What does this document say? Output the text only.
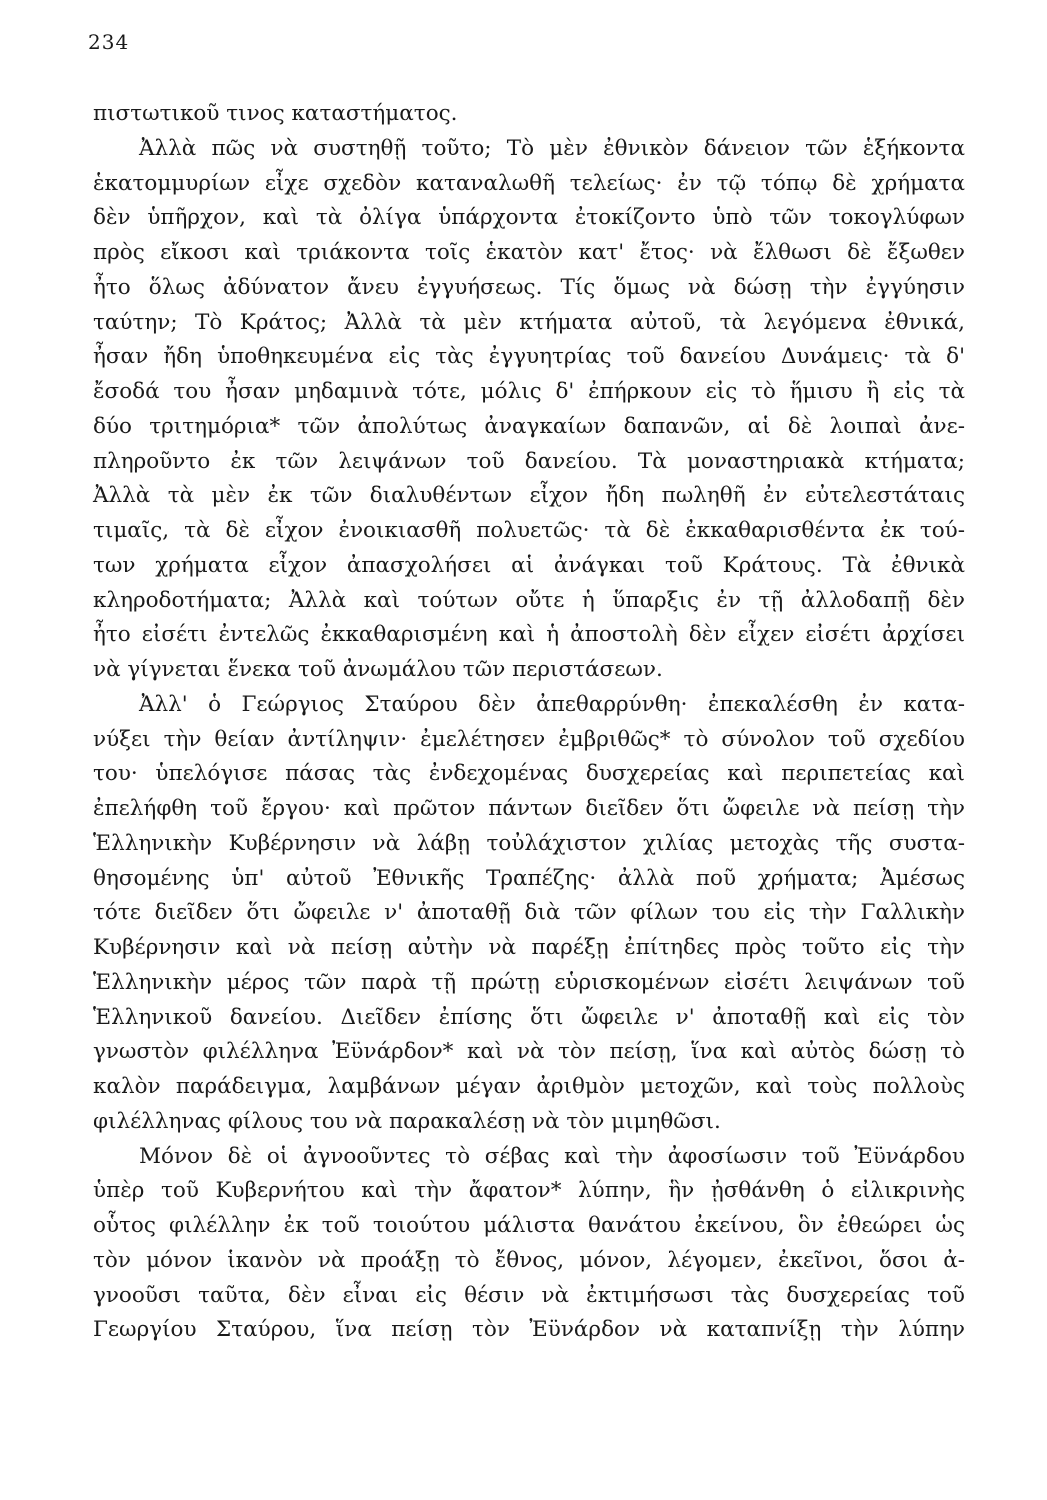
234
πιστωτικοῦ τινος καταστήματος.
Ἀλλὰ πῶς νὰ συστηθῇ τοῦτο; Τὸ μὲν ἐθνικὸν δάνειον τῶν ἑξήκοντα
ἑκατομμυρίων εἶχε σχεδὸν καταναλωθῆ τελείως· ἐν τῷ τόπῳ δὲ χρήματα
δὲν ὑπῆρχον, καὶ τὰ ὀλίγα ὑπάρχοντα ἐτοκίζοντο ὑπὸ τῶν τοκογλύφων
πρὸς εἴκοσι καὶ τριάκοντα τοῖς ἑκατὸν κατ' ἔτος· νὰ ἔλθωσι δὲ ἔξωθεν
ἦτο ὅλως ἀδύνατον ἄνευ ἐγγυήσεως. Τίς ὅμως νὰ δώσῃ τὴν ἐγγύησιν
ταύτην; Τὸ Κράτος; Ἀλλὰ τὰ μὲν κτήματα αὐτοῦ, τὰ λεγόμενα ἐθνικά,
ἦσαν ἤδη ὑποθηκευμένα εἰς τὰς ἐγγυητρίας τοῦ δανείου Δυνάμεις· τὰ δ'
ἔσοδά του ἦσαν μηδαμινὰ τότε, μόλις δ' ἐπήρκουν εἰς τὸ ἥμισυ ἢ εἰς τὰ
δύο τριτημόρια* τῶν ἀπολύτως ἀναγκαίων δαπανῶν, αἱ δὲ λοιπαὶ ἀνε-
πληροῦντο ἐκ τῶν λειψάνων τοῦ δανείου. Τὰ μοναστηριακὰ κτήματα;
Ἀλλὰ τὰ μὲν ἐκ τῶν διαλυθέντων εἶχον ἤδη πωληθῆ ἐν εὐτελεστάταις
τιμαῖς, τὰ δὲ εἶχον ἐνοικιασθῆ πολυετῶς· τὰ δὲ ἐκκαθαρισθέντα ἐκ τού-
των χρήματα εἶχον ἀπασχολήσει αἱ ἀνάγκαι τοῦ Κράτους. Τὰ ἐθνικὰ
κληροδοτήματα; Ἀλλὰ καὶ τούτων οὔτε ἡ ὕπαρξις ἐν τῇ ἀλλοδαπῇ δὲν
ἦτο εἰσέτι ἐντελῶς ἐκκαθαρισμένη καὶ ἡ ἀποστολὴ δὲν εἶχεν εἰσέτι ἀρχίσει
νὰ γίγνεται ἕνεκα τοῦ ἀνωμάλου τῶν περιστάσεων.
Ἀλλ' ὁ Γεώργιος Σταύρου δὲν ἀπεθαρρύνθη· ἐπεκαλέσθη ἐν κατα-
νύξει τὴν θείαν ἀντίληψιν· ἐμελέτησεν ἐμβριθῶς* τὸ σύνολον τοῦ σχεδίου
του· ὑπελόγισε πάσας τὰς ἐνδεχομένας δυσχερείας καὶ περιπετείας καὶ
ἐπελήφθη τοῦ ἔργου· καὶ πρῶτον πάντων διεῖδεν ὅτι ὤφειλε νὰ πείσῃ τὴν
Ἑλληνικὴν Κυβέρνησιν νὰ λάβῃ τοὐλάχιστον χιλίας μετοχὰς τῆς συστα-
θησομένης ὑπ' αὐτοῦ Ἐθνικῆς Τραπέζης· ἀλλὰ ποῦ χρήματα; Ἀμέσως
τότε διεῖδεν ὅτι ὤφειλε ν' ἀποταθῇ διὰ τῶν φίλων του εἰς τὴν Γαλλικὴν
Κυβέρνησιν καὶ νὰ πείσῃ αὐτὴν νὰ παρέξῃ ἐπίτηδες πρὸς τοῦτο εἰς τὴν
Ἑλληνικὴν μέρος τῶν παρὰ τῇ πρώτῃ εὑρισκομένων εἰσέτι λειψάνων τοῦ
Ἑλληνικοῦ δανείου. Διεῖδεν ἐπίσης ὅτι ὤφειλε ν' ἀποταθῇ καὶ εἰς τὸν
γνωστὸν φιλέλληνα Ἐϋνάρδον* καὶ νὰ τὸν πείσῃ, ἵνα καὶ αὐτὸς δώσῃ τὸ
καλὸν παράδειγμα, λαμβάνων μέγαν ἀριθμὸν μετοχῶν, καὶ τοὺς πολλοὺς
φιλέλληνας φίλους του νὰ παρακαλέσῃ νὰ τὸν μιμηθῶσι.
Μόνον δὲ οἱ ἀγνοοῦντες τὸ σέβας καὶ τὴν ἀφοσίωσιν τοῦ Ἐϋνάρδου
ὑπὲρ τοῦ Κυβερνήτου καὶ τὴν ἄφατον* λύπην, ἣν ᾐσθάνθη ὁ εἰλικρινὴς
οὗτος φιλέλλην ἐκ τοῦ τοιούτου μάλιστα θανάτου ἐκείνου, ὃν ἐθεώρει ὡς
τὸν μόνον ἱκανὸν νὰ προάξῃ τὸ ἔθνος, μόνον, λέγομεν, ἐκεῖνοι, ὅσοι ἀ-
γνοοῦσι ταῦτα, δὲν εἶναι εἰς θέσιν νὰ ἐκτιμήσωσι τὰς δυσχερείας τοῦ
Γεωργίου Σταύρου, ἵνα πείσῃ τὸν Ἐϋνάρδον νὰ καταπνίξῃ τὴν λύπην
